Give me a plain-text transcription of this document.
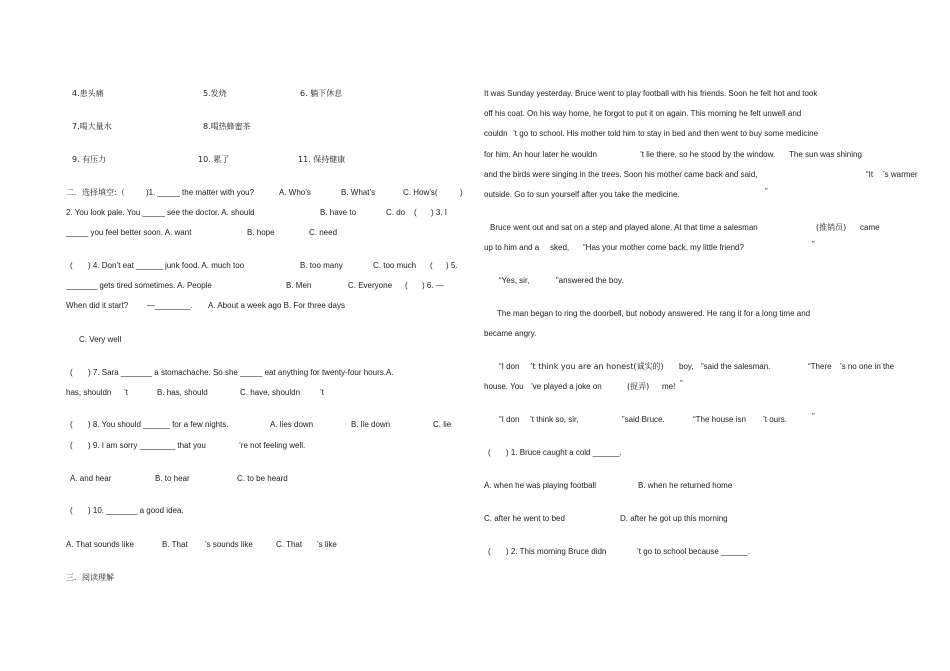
4.患头痛	5.发烧	6. 躺下休息
7.喝大量水	8.喝热蜂蜜茶
9. 有压力	10. 累了	11. 保持健康
二．选择填空:（	)1. _____ the matter with you?	A. Who’s	B. What’s	C. How’s(	)
2. You look pale. You _____ see the doctor. A. should	B. have to	C. do ( ) 3. I
_____ you feel better soon. A. want	B. hope	C. need
( ) 4. Don’t eat ______ junk food. A. much too	B. too many	C. too much ( ) 5.
_______ gets tired sometimes. A. People	B. Men	C. Everyone ( ) 6. —
When did it start? —________. A. About a week ago B. For three days
C. Very well
( ) 7. Sara _______ a stomachache. So she _____ eat anything for twenty-four hours.A.
has, shouldn ’t	B. has, should	C. have, shouldn ’t
( ) 8. You should ______ for a few nights.	A. lies down	B. lie down	C. lie
( ) 9. I am sorry ________ that you	’re not feeling well.
A. and hear	B. to hear	C. to be heard
( ) 10. _______ a good idea.
A. That sounds like	B. That ’s sounds like	C. That ’s like
三．阅读理解
It was Sunday yesterday. Bruce went to play football with his friends. Soon he felt hot and took
off his coat. On his way home, he forgot to put it on again. This morning he felt unwell and
couldn ’t go to school. His mother told him to stay in bed and then went to buy some medicine
for him. An hour later he wouldn	’t lie there, so he stood by the window. The sun was shining
and the birds were singing in the trees. Soon his mother came back and said,	“It ’s warmer
outside. Go to sun yourself after you take the medicine.	”
Bruce went out and sat on a step and played alone. At that time a salesman	(推销员) came
up to him and a sked, “Has your mother come back, my little friend?	”
“Yes, sir,	”answered the boy.
The man began to ring the doorbell, but nobody answered. He rang it for a long time and
became angry.
“I don ’t think you are an honest(诚实的) boy, ”said the salesman.	“There ’s no one in the
house. You ’ve played a joke on	(捉弄) me! ”
“I don ’t think so, sir,	”said Bruce.	“The house isn ’t ours.	”
( ) 1. Bruce caught a cold ______.
A. when he was playing football	B. when he returned home
C. after he went to bed	D. after he got up this morning
( ) 2. This morning Bruce didn	’t go to school because ______.
